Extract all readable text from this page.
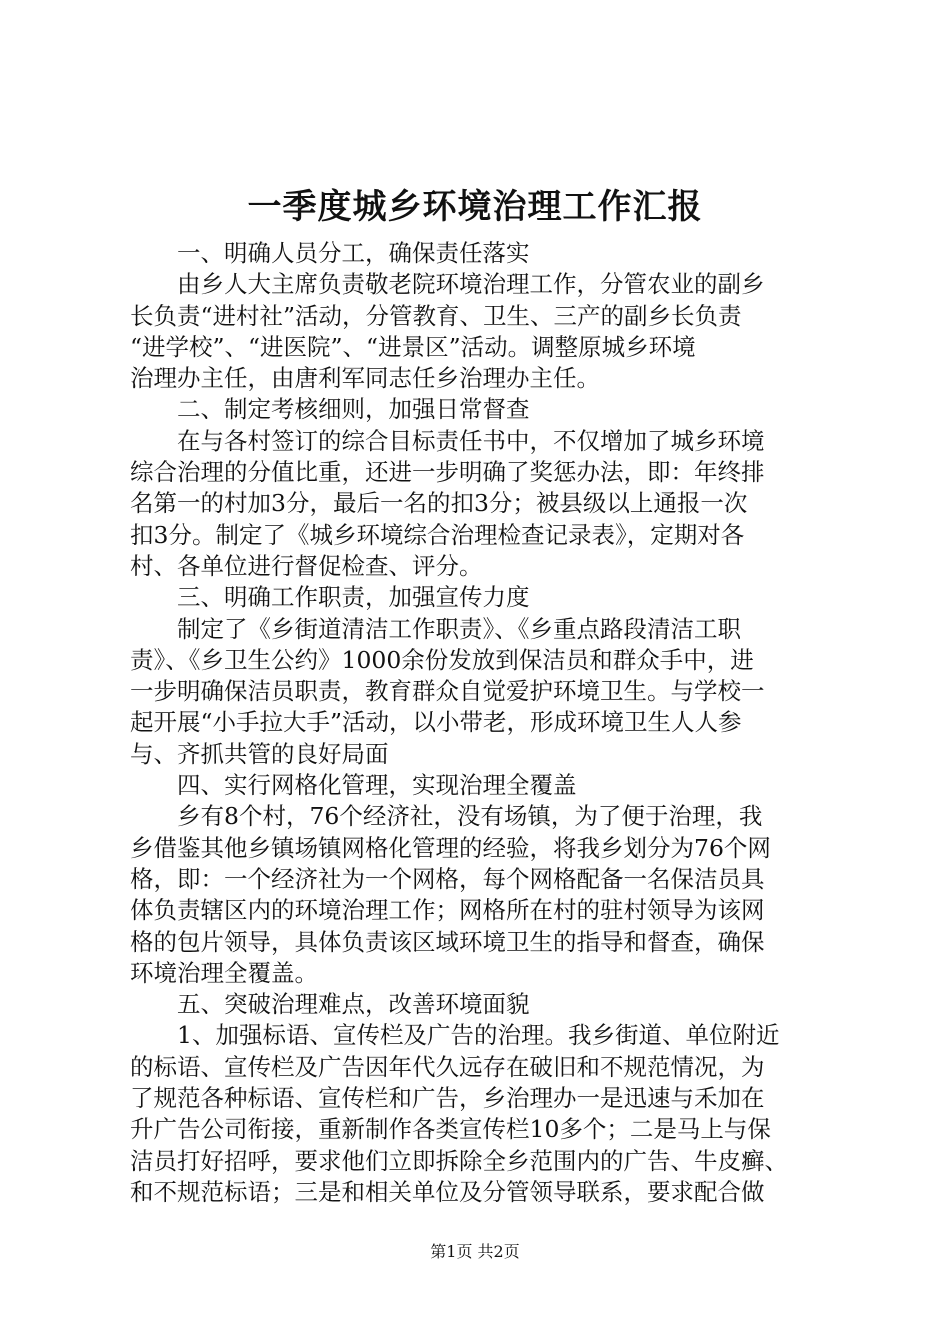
一季度城乡环境治理工作汇报
一、明确人员分工，确保责任落实
由乡人大主席负责敬老院环境治理工作，分管农业的副乡
长负责“进村社”活动，分管教育、卫生、三产的副乡长负责
“进学校”、“进医院”、“进景区”活动。调整原城乡环境
治理办主任，由唐利军同志任乡治理办主任。
二、制定考核细则，加强日常督查
在与各村签订的综合目标责任书中，不仅增加了城乡环境
综合治理的分值比重，还进一步明确了奖惩办法，即：年终排
名第一的村加3分，最后一名的扣3分；被县级以上通报一次
扣3分。制定了《城乡环境综合治理检查记录表》，定期对各
村、各单位进行督促检查、评分。
三、明确工作职责，加强宣传力度
制定了《乡街道清洁工作职责》、《乡重点路段清洁工职
责》、《乡卫生公约》1000余份发放到保洁员和群众手中，进
一步明确保洁员职责，教育群众自觉爱护环境卫生。与学校一
起开展“小手拉大手”活动，以小带老，形成环境卫生人人参
与、齐抓共管的良好局面
四、实行网格化管理，实现治理全覆盖
乡有8个村，76个经济社，没有场镇，为了便于治理，我
乡借鉴其他乡镇场镇网格化管理的经验，将我乡划分为76个网
格，即：一个经济社为一个网格，每个网格配备一名保洁员具
体负责辖区内的环境治理工作；网格所在村的驻村领导为该网
格的包片领导，具体负责该区域环境卫生的指导和督查，确保
环境治理全覆盖。
五、突破治理难点，改善环境面貌
1、加强标语、宣传栏及广告的治理。我乡街道、单位附近
的标语、宣传栏及广告因年代久远存在破旧和不规范情况，为
了规范各种标语、宣传栏和广告，乡治理办一是迅速与禾加在
升广告公司衔接，重新制作各类宣传栏10多个；二是马上与保
洁员打好招呼，要求他们立即拆除全乡范围内的广告、牛皮癣、
和不规范标语；三是和相关单位及分管领导联系，要求配合做
第1页 共2页
